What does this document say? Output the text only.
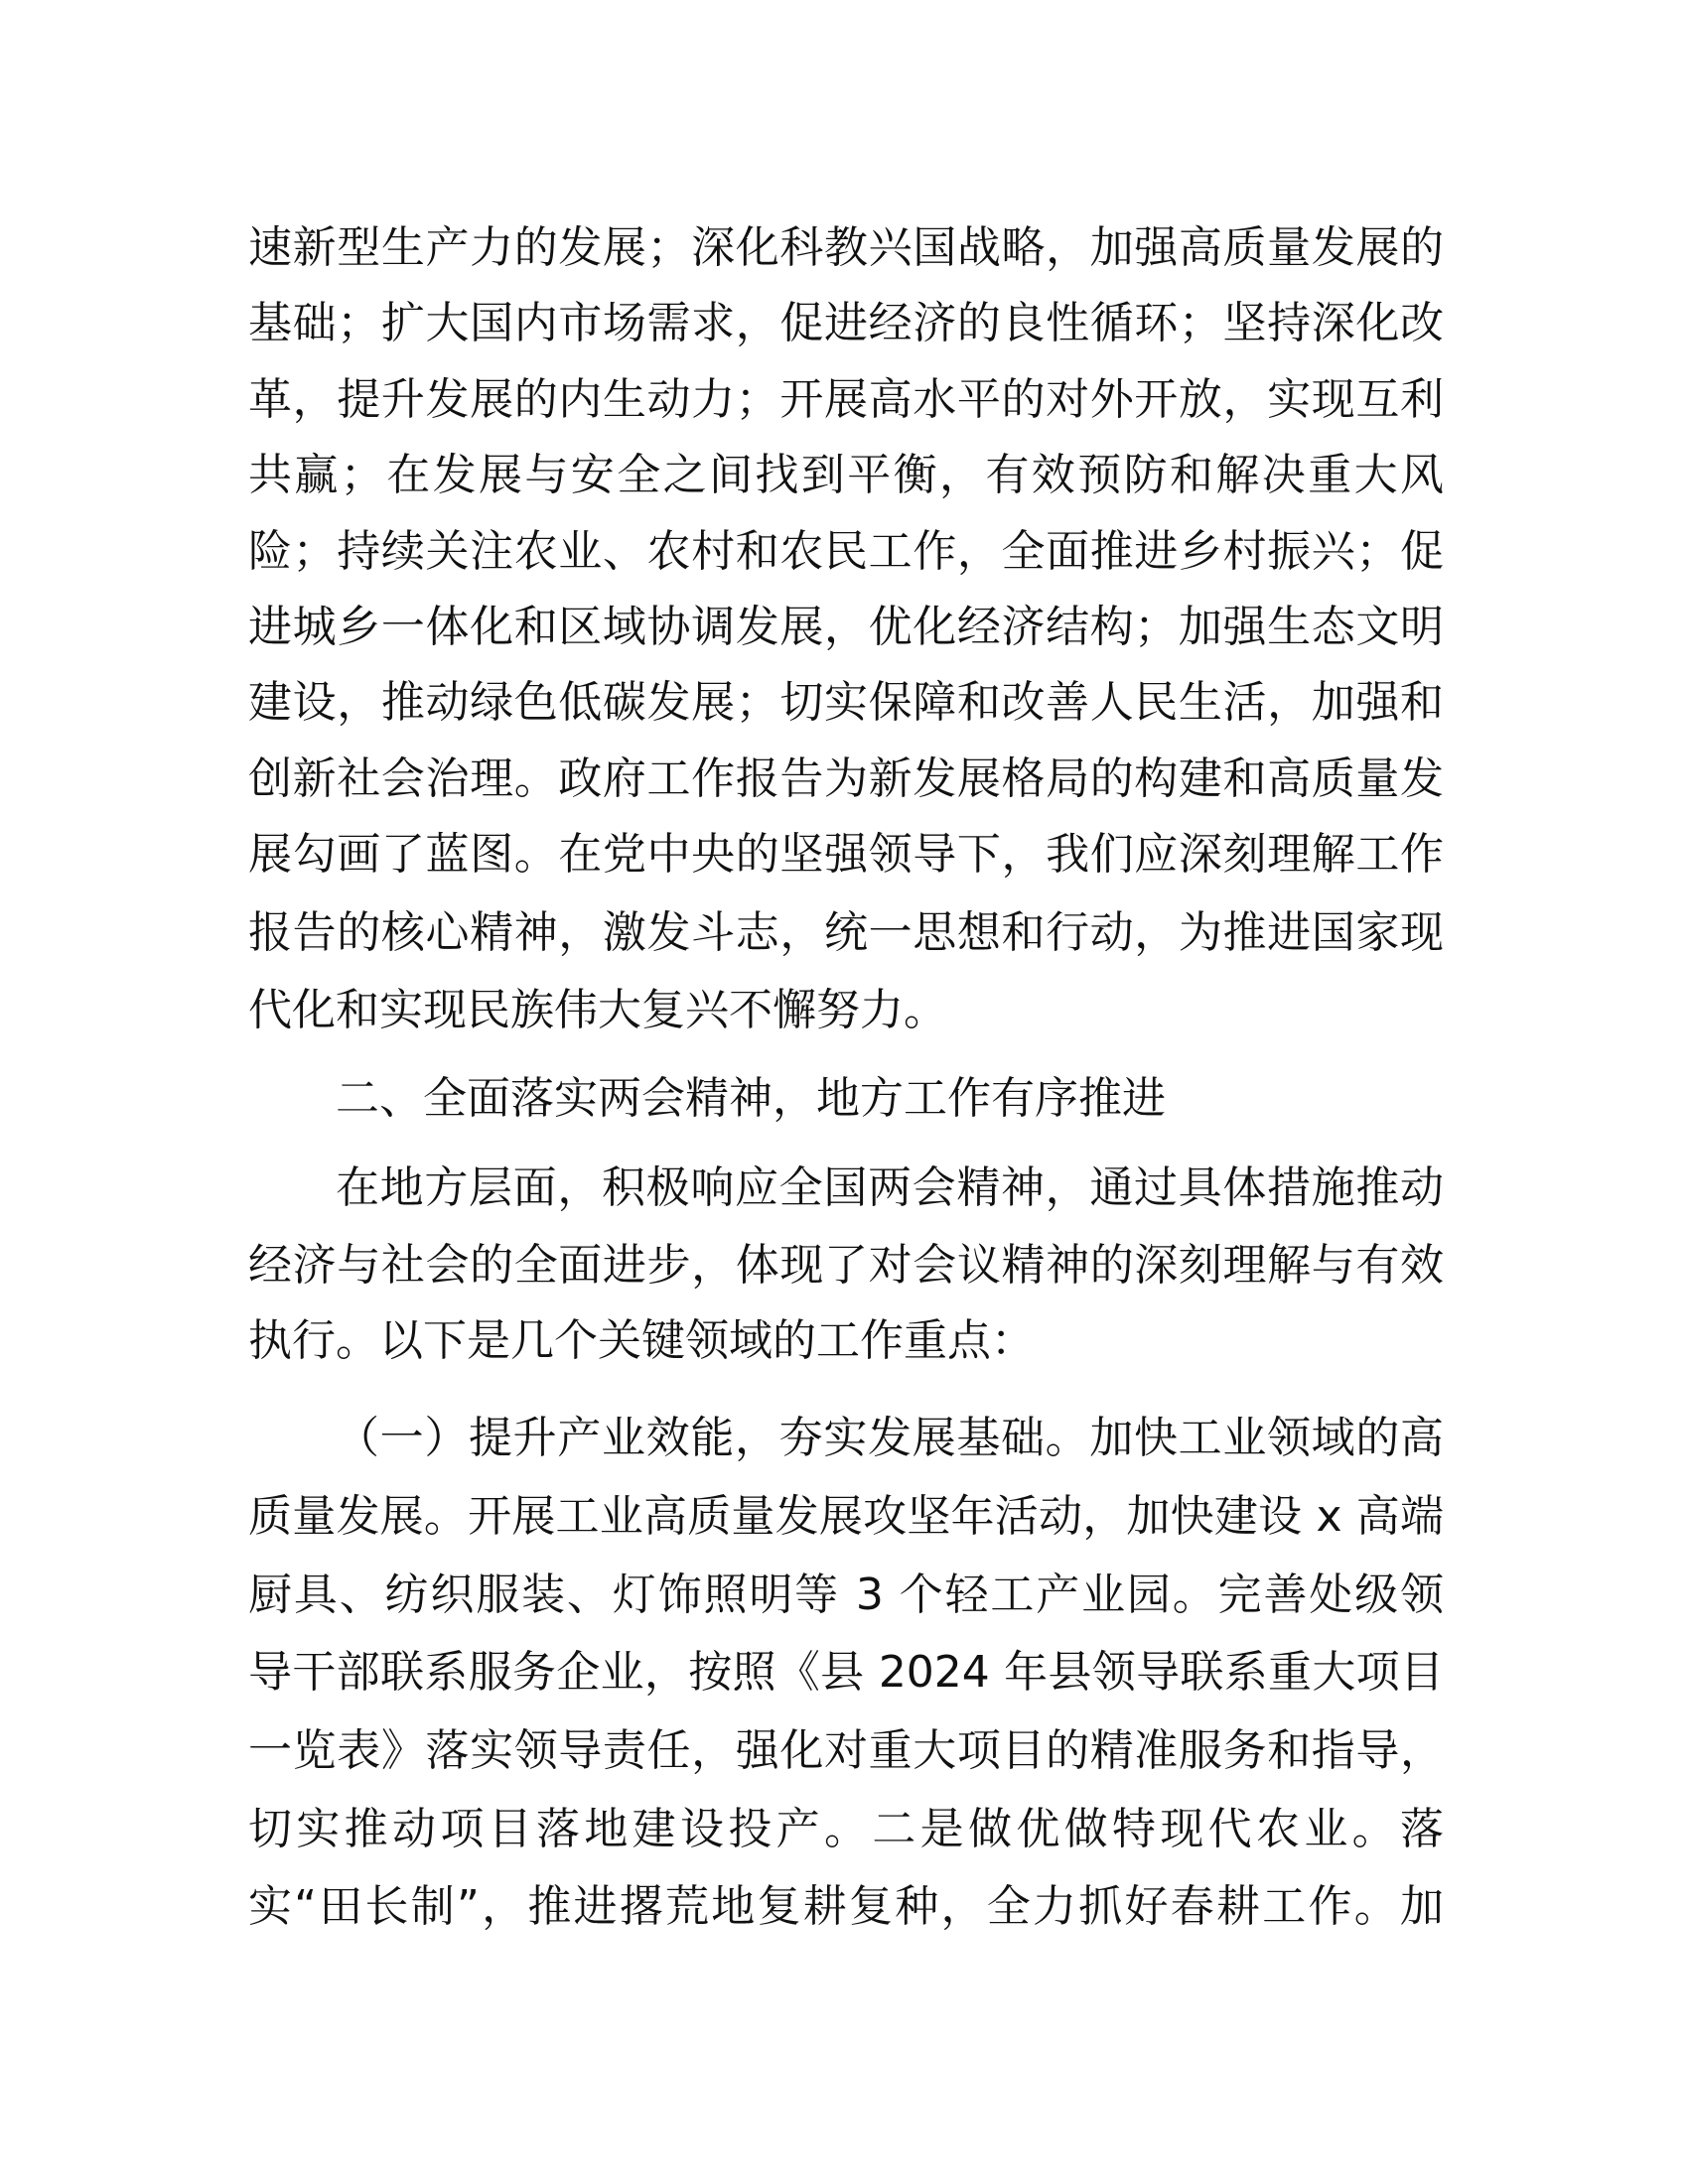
速新型生产力的发展；深化科教兴国战略，加强高质量发展的
基础；扩大国内市场需求，促进经济的良性循环；坚持深化改
革，提升发展的内生动力；开展高水平的对外开放，实现互利
共赢；在发展与安全之间找到平衡，有效预防和解决重大风
险；持续关注农业、农村和农民工作，全面推进乡村振兴；促
进城乡一体化和区域协调发展，优化经济结构；加强生态文明
建设，推动绿色低碳发展；切实保障和改善人民生活，加强和
创新社会治理。政府工作报告为新发展格局的构建和高质量发
展勾画了蓝图。在党中央的坚强领导下，我们应深刻理解工作
报告的核心精神，激发斗志，统一思想和行动，为推进国家现
代化和实现民族伟大复兴不懈努力。
二、全面落实两会精神，地方工作有序推进
在地方层面，积极响应全国两会精神，通过具体措施推动
经济与社会的全面进步，体现了对会议精神的深刻理解与有效
执行。以下是几个关键领域的工作重点：
（一）提升产业效能，夯实发展基础。加快工业领域的高
质量发展。开展工业高质量发展攻坚年活动，加快建设 x 高端
厨具、纺织服装、灯饰照明等 3 个轻工产业园。完善处级领
导干部联系服务企业，按照《县 2024 年县领导联系重大项目
一览表》落实领导责任，强化对重大项目的精准服务和指导，
切实推动项目落地建设投产。二是做优做特现代农业。落
实“田长制”，推进撂荒地复耕复种，全力抓好春耕工作。加
